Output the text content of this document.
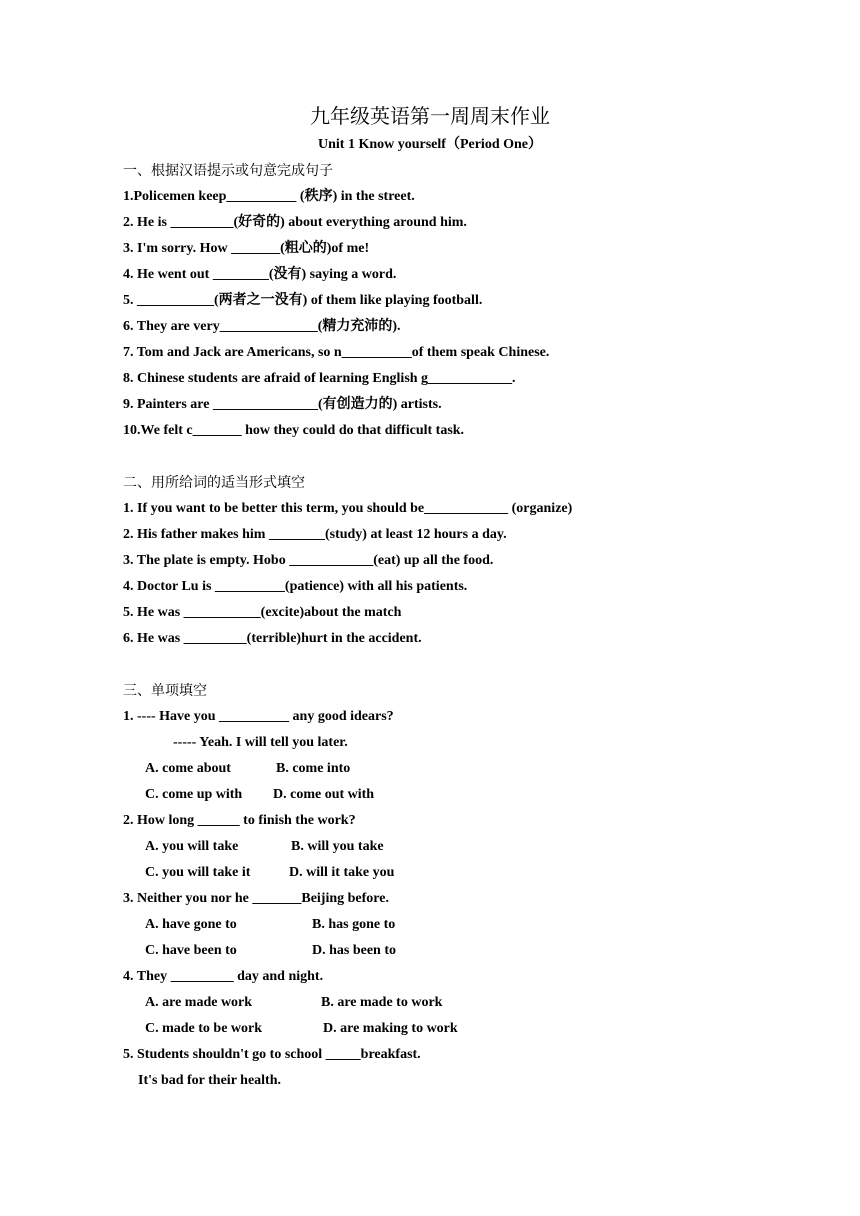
九年级英语第一周周末作业
Unit 1 Know yourself（Period One）
一、根据汉语提示或句意完成句子
1.Policemen keep__________ (秩序) in the street.
2. He is _________(好奇的) about everything around him.
3. I'm sorry. How _______(粗心的)of me!
4. He went out ________(没有) saying a word.
5. ___________(两者之一没有) of them like playing football.
6. They are very______________(精力充沛的).
7. Tom and Jack are Americans, so n__________of them speak Chinese.
8. Chinese students are afraid of learning English g____________.
9. Painters are _______________(有创造力的) artists.
10.We felt c_______ how they could do that difficult task.
二、用所给词的适当形式填空
1. If you want to be better this term, you should be____________ (organize)
2. His father makes him ________(study) at least 12 hours a day.
3. The plate is empty. Hobo ____________(eat) up all the food.
4. Doctor Lu is __________(patience) with all his patients.
5. He was ___________(excite)about the match
6. He was _________(terrible)hurt in the accident.
三、单项填空
1. ---- Have you __________ any good idears?
----- Yeah. I will tell you later.
A. come about	B. come into
C. come up with D. come out with
2. How long ______ to finish the work?
A. you will take	B. will you take
C. you will take it	D. will it take you
3. Neither you nor he _______Beijing before.
A. have gone to	B. has gone to
C. have been to	D. has been to
4. They _________ day and night.
A. are made work	B. are made to work
C. made to be work	D. are making to work
5. Students shouldn't go to school _____breakfast.
It's bad for their health.
